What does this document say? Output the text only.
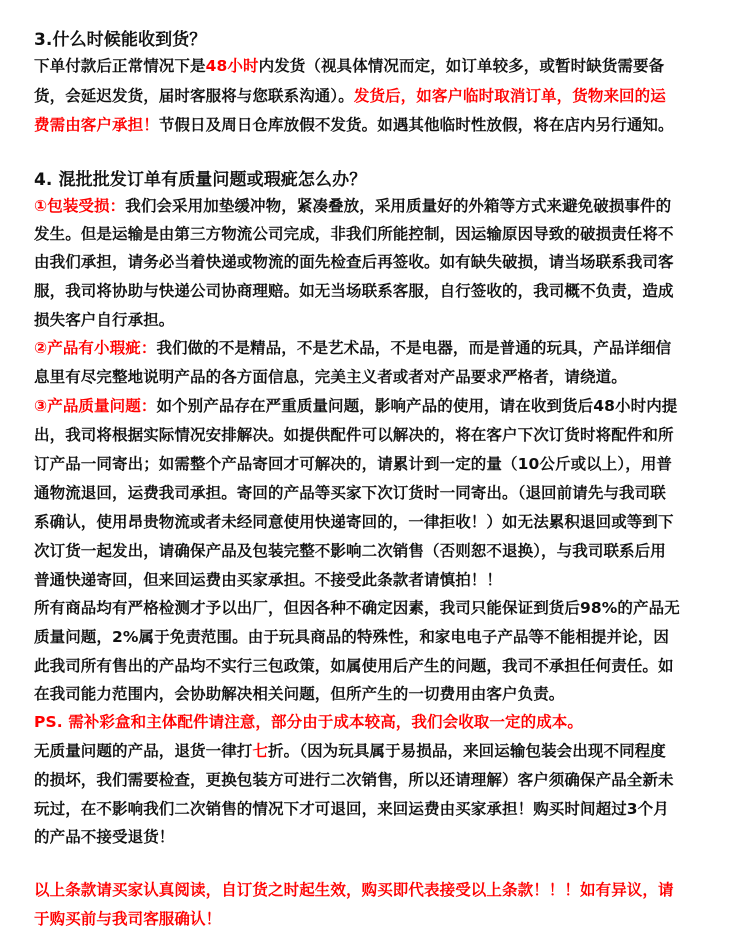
3.什么时候能收到货？
下单付款后正常情况下是48小时内发货（视具体情况而定，如订单较多，或暂时缺货需要备
货，会延迟发货，届时客服将与您联系沟通）。发货后，如客户临时取消订单，货物来回的运
费需由客户承担！节假日及周日仓库放假不发货。如遇其他临时性放假，将在店内另行通知。
4. 混批批发订单有质量问题或瑕疵怎么办？
①包装受损：我们会采用加垫缓冲物，紧凑叠放，采用质量好的外箱等方式来避免破损事件的
发生。但是运输是由第三方物流公司完成，非我们所能控制，因运输原因导致的破损责任将不
由我们承担，请务必当着快递或物流的面先检查后再签收。如有缺失破损，请当场联系我司客
服，我司将协助与快递公司协商理赔。如无当场联系客服，自行签收的，我司概不负责，造成
损失客户自行承担。
②产品有小瑕疵：我们做的不是精品，不是艺术品，不是电器，而是普通的玩具，产品详细信
息里有尽完整地说明产品的各方面信息，完美主义者或者对产品要求严格者，请绕道。
③产品质量问题：如个别产品存在严重质量问题，影响产品的使用，请在收到货后48小时内提
出，我司将根据实际情况安排解决。如提供配件可以解决的，将在客户下次订货时将配件和所
订产品一同寄出；如需整个产品寄回才可解决的，请累计到一定的量（10公斤或以上），用普
通物流退回，运费我司承担。寄回的产品等买家下次订货时一同寄出。（退回前请先与我司联
系确认，使用昂贵物流或者未经同意使用快递寄回的，一律拒收！）如无法累积退回或等到下
次订货一起发出，请确保产品及包装完整不影响二次销售（否则恕不退换），与我司联系后用
普通快递寄回，但来回运费由买家承担。不接受此条款者请慎拍！！
所有商品均有严格检测才予以出厂，但因各种不确定因素，我司只能保证到货后98%的产品无
质量问题，2%属于免责范围。由于玩具商品的特殊性，和家电电子产品等不能相提并论，因
此我司所有售出的产品均不实行三包政策，如属使用后产生的问题，我司不承担任何责任。如
在我司能力范围内，会协助解决相关问题，但所产生的一切费用由客户负责。
PS. 需补彩盒和主体配件请注意，部分由于成本较高，我们会收取一定的成本。
无质量问题的产品，退货一律打七折。（因为玩具属于易损品，来回运输包装会出现不同程度
的损坏，我们需要检查，更换包装方可进行二次销售，所以还请理解）客户须确保产品全新未
玩过，在不影响我们二次销售的情况下才可退回，来回运费由买家承担！购买时间超过3个月
的产品不接受退货！
以上条款请买家认真阅读，自订货之时起生效，购买即代表接受以上条款！！！如有异议，请
于购买前与我司客服确认！
